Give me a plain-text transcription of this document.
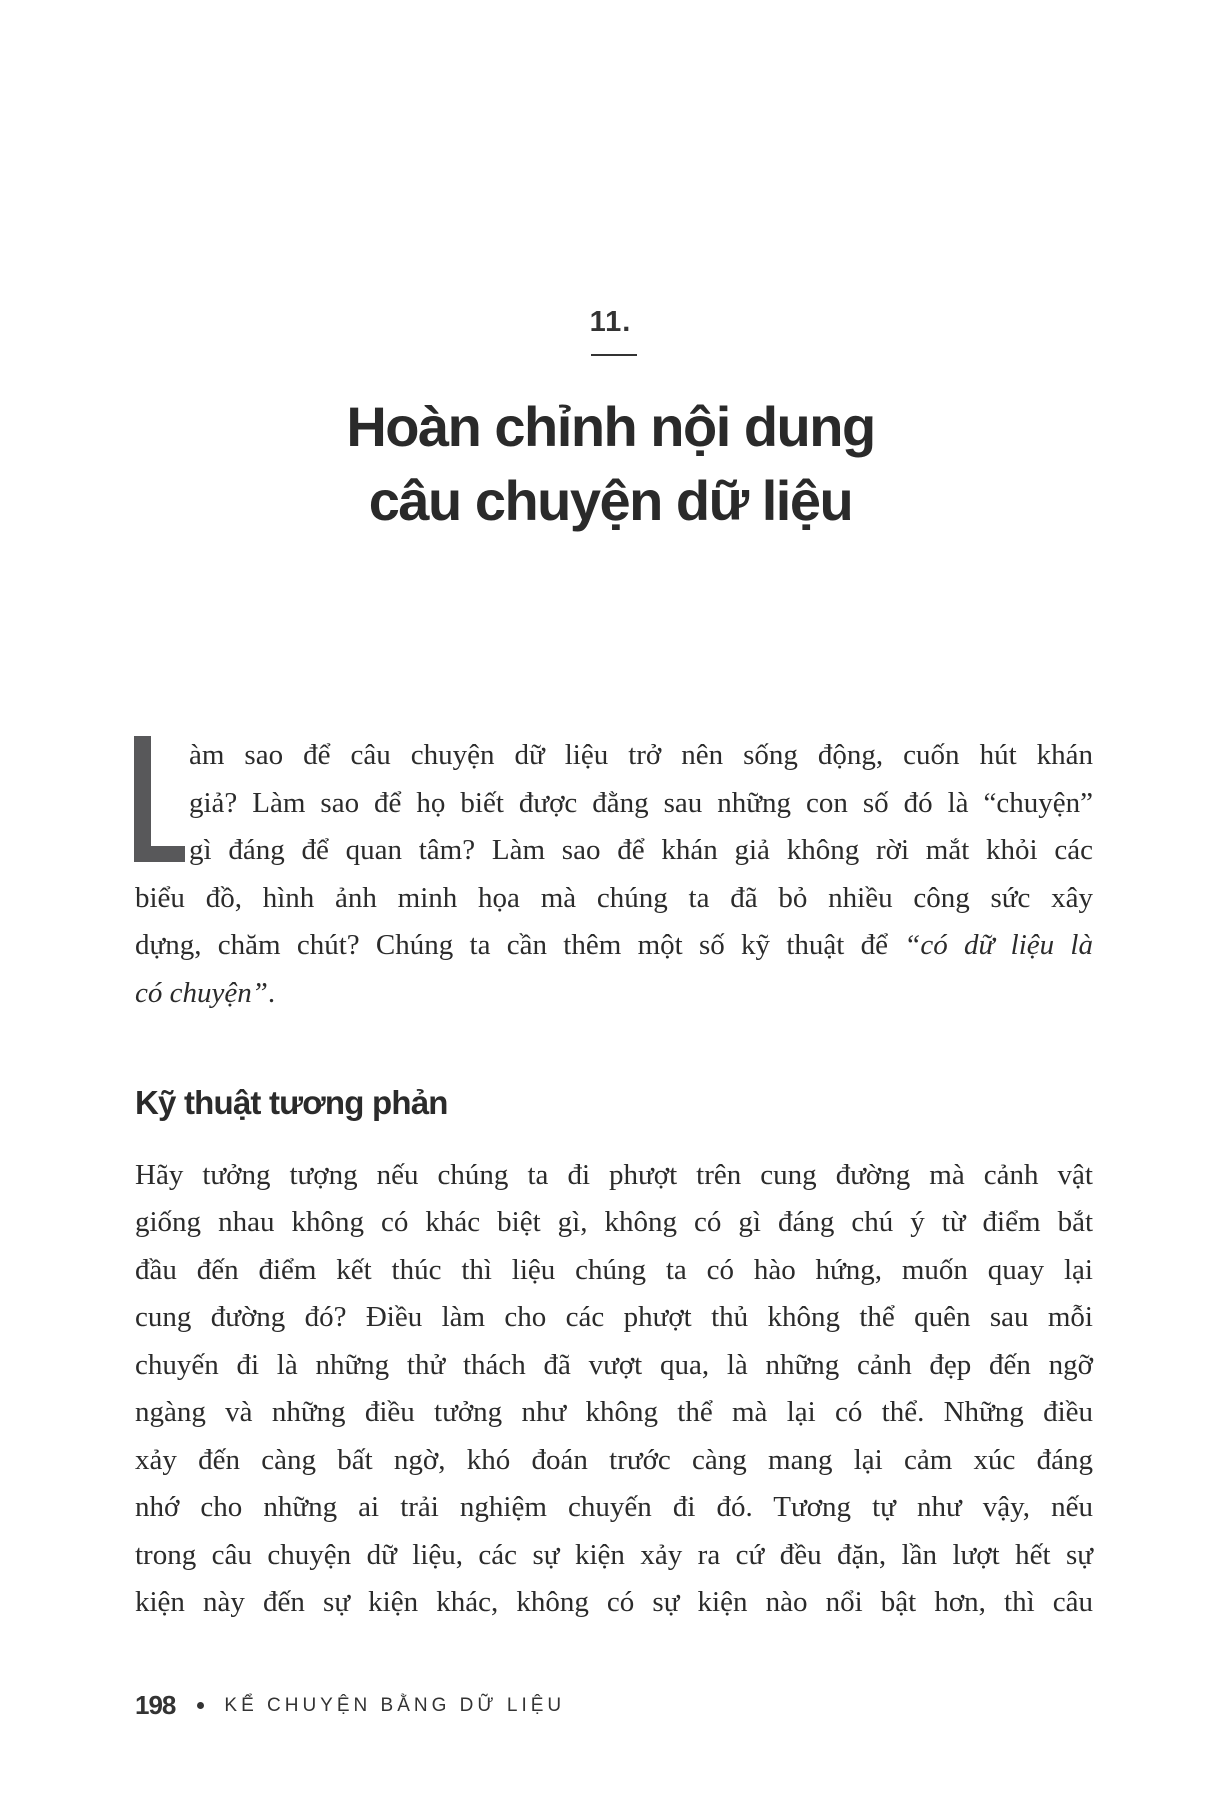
11.
Hoàn chỉnh nội dung
câu chuyện dữ liệu
àm sao để câu chuyện dữ liệu trở nên sống động, cuốn hút khán
giả? Làm sao để họ biết được đằng sau những con số đó là “chuyện”
gì đáng để quan tâm? Làm sao để khán giả không rời mắt khỏi các
biểu đồ, hình ảnh minh họa mà chúng ta đã bỏ nhiều công sức xây
dựng, chăm chút? Chúng ta cần thêm một số kỹ thuật để “có dữ liệu là
có chuyện”.
Kỹ thuật tương phản
Hãy tưởng tượng nếu chúng ta đi phượt trên cung đường mà cảnh vật
giống nhau không có khác biệt gì, không có gì đáng chú ý từ điểm bắt
đầu đến điểm kết thúc thì liệu chúng ta có hào hứng, muốn quay lại
cung đường đó? Điều làm cho các phượt thủ không thể quên sau mỗi
chuyến đi là những thử thách đã vượt qua, là những cảnh đẹp đến ngỡ
ngàng và những điều tưởng như không thể mà lại có thể. Những điều
xảy đến càng bất ngờ, khó đoán trước càng mang lại cảm xúc đáng
nhớ cho những ai trải nghiệm chuyến đi đó. Tương tự như vậy, nếu
trong câu chuyện dữ liệu, các sự kiện xảy ra cứ đều đặn, lần lượt hết sự
kiện này đến sự kiện khác, không có sự kiện nào nổi bật hơn, thì câu
198	KỂ CHUYỆN BẰNG DỮ LIỆU
